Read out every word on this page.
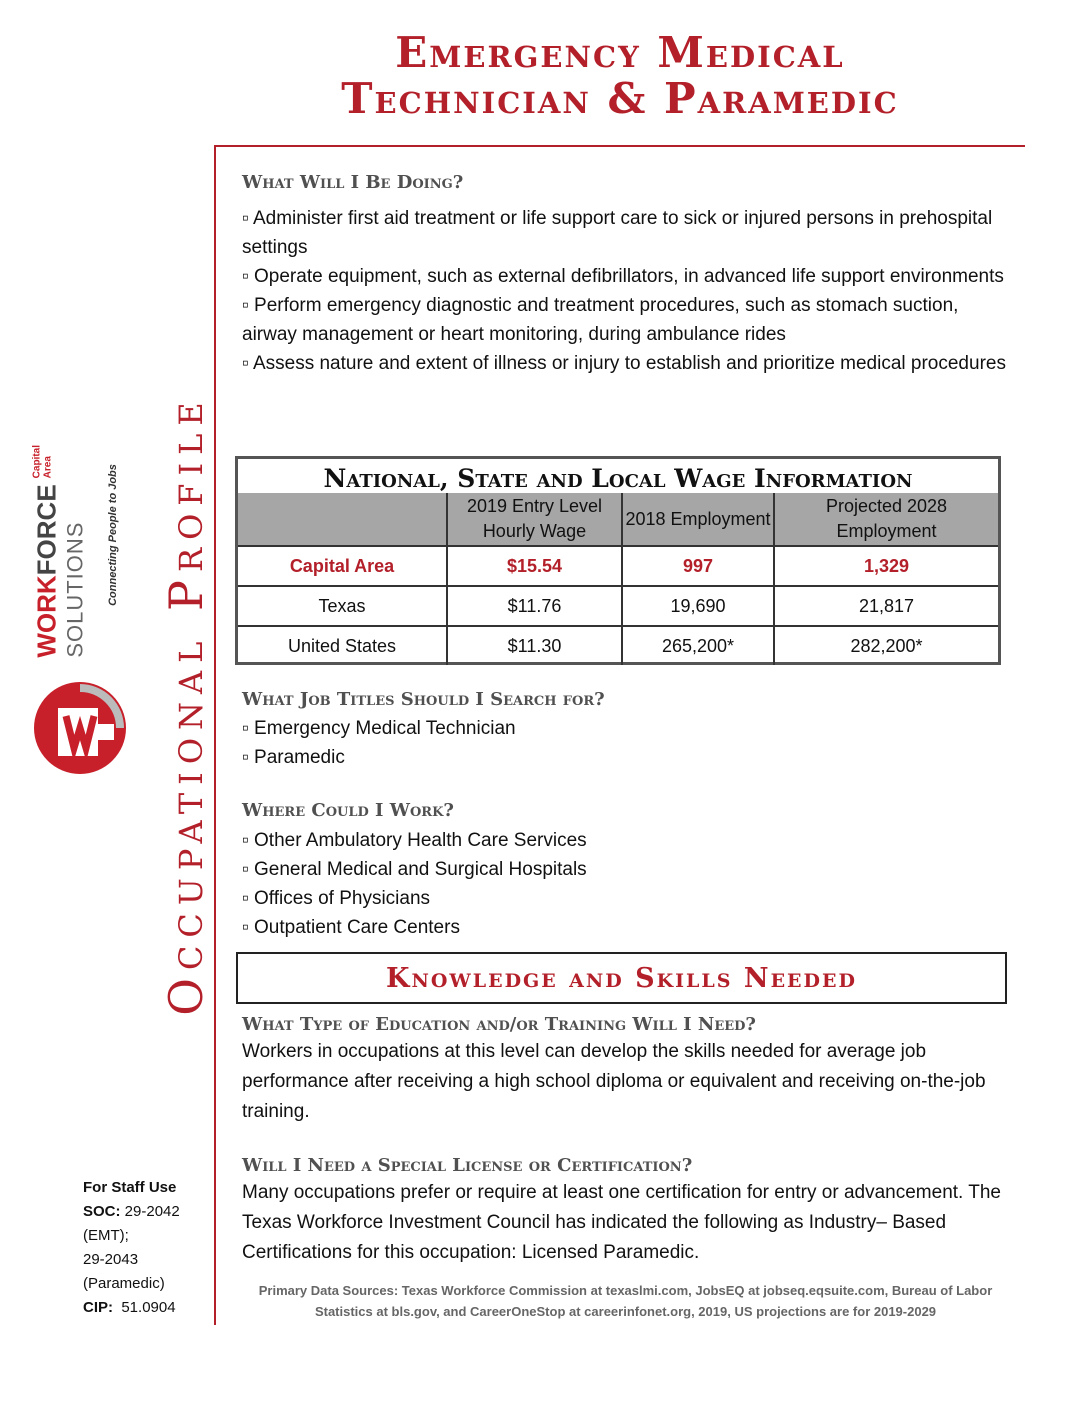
Emergency Medical
Technician & Paramedic
Occupational Profile
WORKFORCE SOLUTIONS
Capital Area	Connecting People to Jobs
What Will I Be Doing?
▫ Administer first aid treatment or life support care to sick or injured persons in prehospital settings
▫ Operate equipment, such as external defibrillators, in advanced life support environments
▫ Perform emergency diagnostic and treatment procedures, such as stomach suction, airway management or heart monitoring, during ambulance rides
▫ Assess nature and extent of illness or injury to establish and prioritize medical procedures
National, State and Local Wage Information
	2019 Entry Level Hourly Wage	2018 Employment	Projected 2028 Employment
Capital Area	$15.54	997	1,329
Texas	$11.76	19,690	21,817
United States	$11.30	265,200*	282,200*
What Job Titles Should I Search for?
▫ Emergency Medical Technician
▫ Paramedic
Where Could I Work?
▫ Other Ambulatory Health Care Services
▫ General Medical and Surgical Hospitals
▫ Offices of Physicians
▫ Outpatient Care Centers
Knowledge and Skills Needed
What Type of Education and/or Training Will I Need?
Workers in occupations at this level can develop the skills needed for average job performance after receiving a high school diploma or equivalent and receiving on-the-job training.
Will I Need a Special License or Certification?
Many occupations prefer or require at least one certification for entry or advancement. The Texas Workforce Investment Council has indicated the following as Industry– Based Certifications for this occupation: Licensed Paramedic.
For Staff Use
SOC: 29-2042
(EMT);
29-2043
(Paramedic)
CIP: 51.0904
Primary Data Sources: Texas Workforce Commission at texaslmi.com, JobsEQ at jobseq.eqsuite.com, Bureau of Labor
Statistics at bls.gov, and CareerOneStop at careerinfonet.org, 2019, US projections are for 2019-2029
